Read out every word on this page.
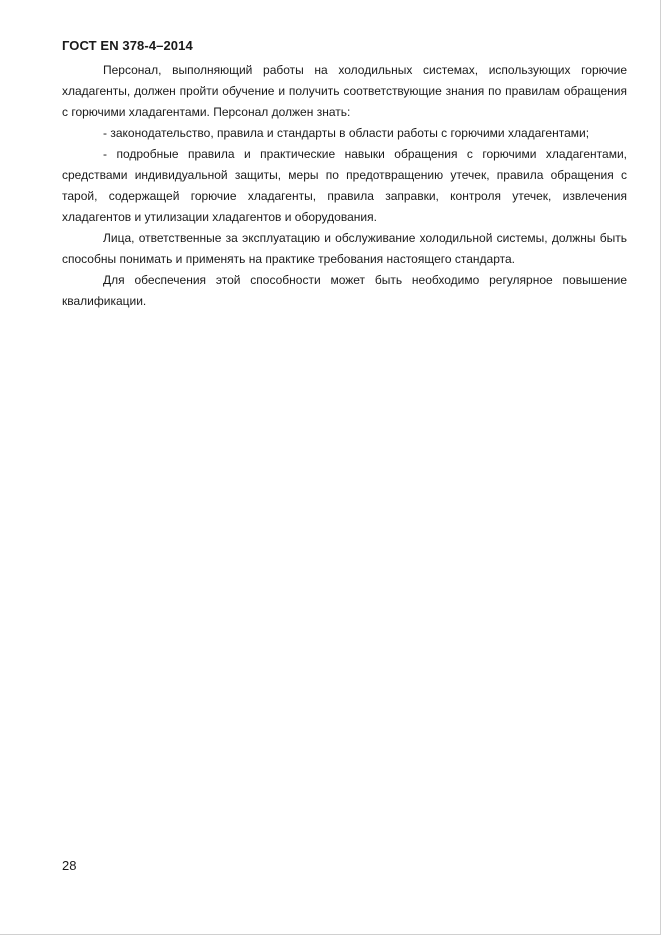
ГОСТ EN 378-4–2014

Персонал, выполняющий работы на холодильных системах, использующих горючие хладагенты, должен пройти обучение и получить соответствующие знания по правилам обращения с горючими хладагентами. Персонал должен знать:

- законодательство, правила и стандарты в области работы с горючими хладагентами;

- подробные правила и практические навыки обращения с горючими хладагентами, средствами индивидуальной защиты, меры по предотвращению утечек, правила обращения с тарой, содержащей горючие хладагенты, правила заправки, контроля утечек, извлечения хладагентов и утилизации хладагентов и оборудования.

Лица, ответственные за эксплуатацию и обслуживание холодильной системы, должны быть способны понимать и применять на практике требования настоящего стандарта.

Для обеспечения этой способности может быть необходимо регулярное повышение квалификации.

28
